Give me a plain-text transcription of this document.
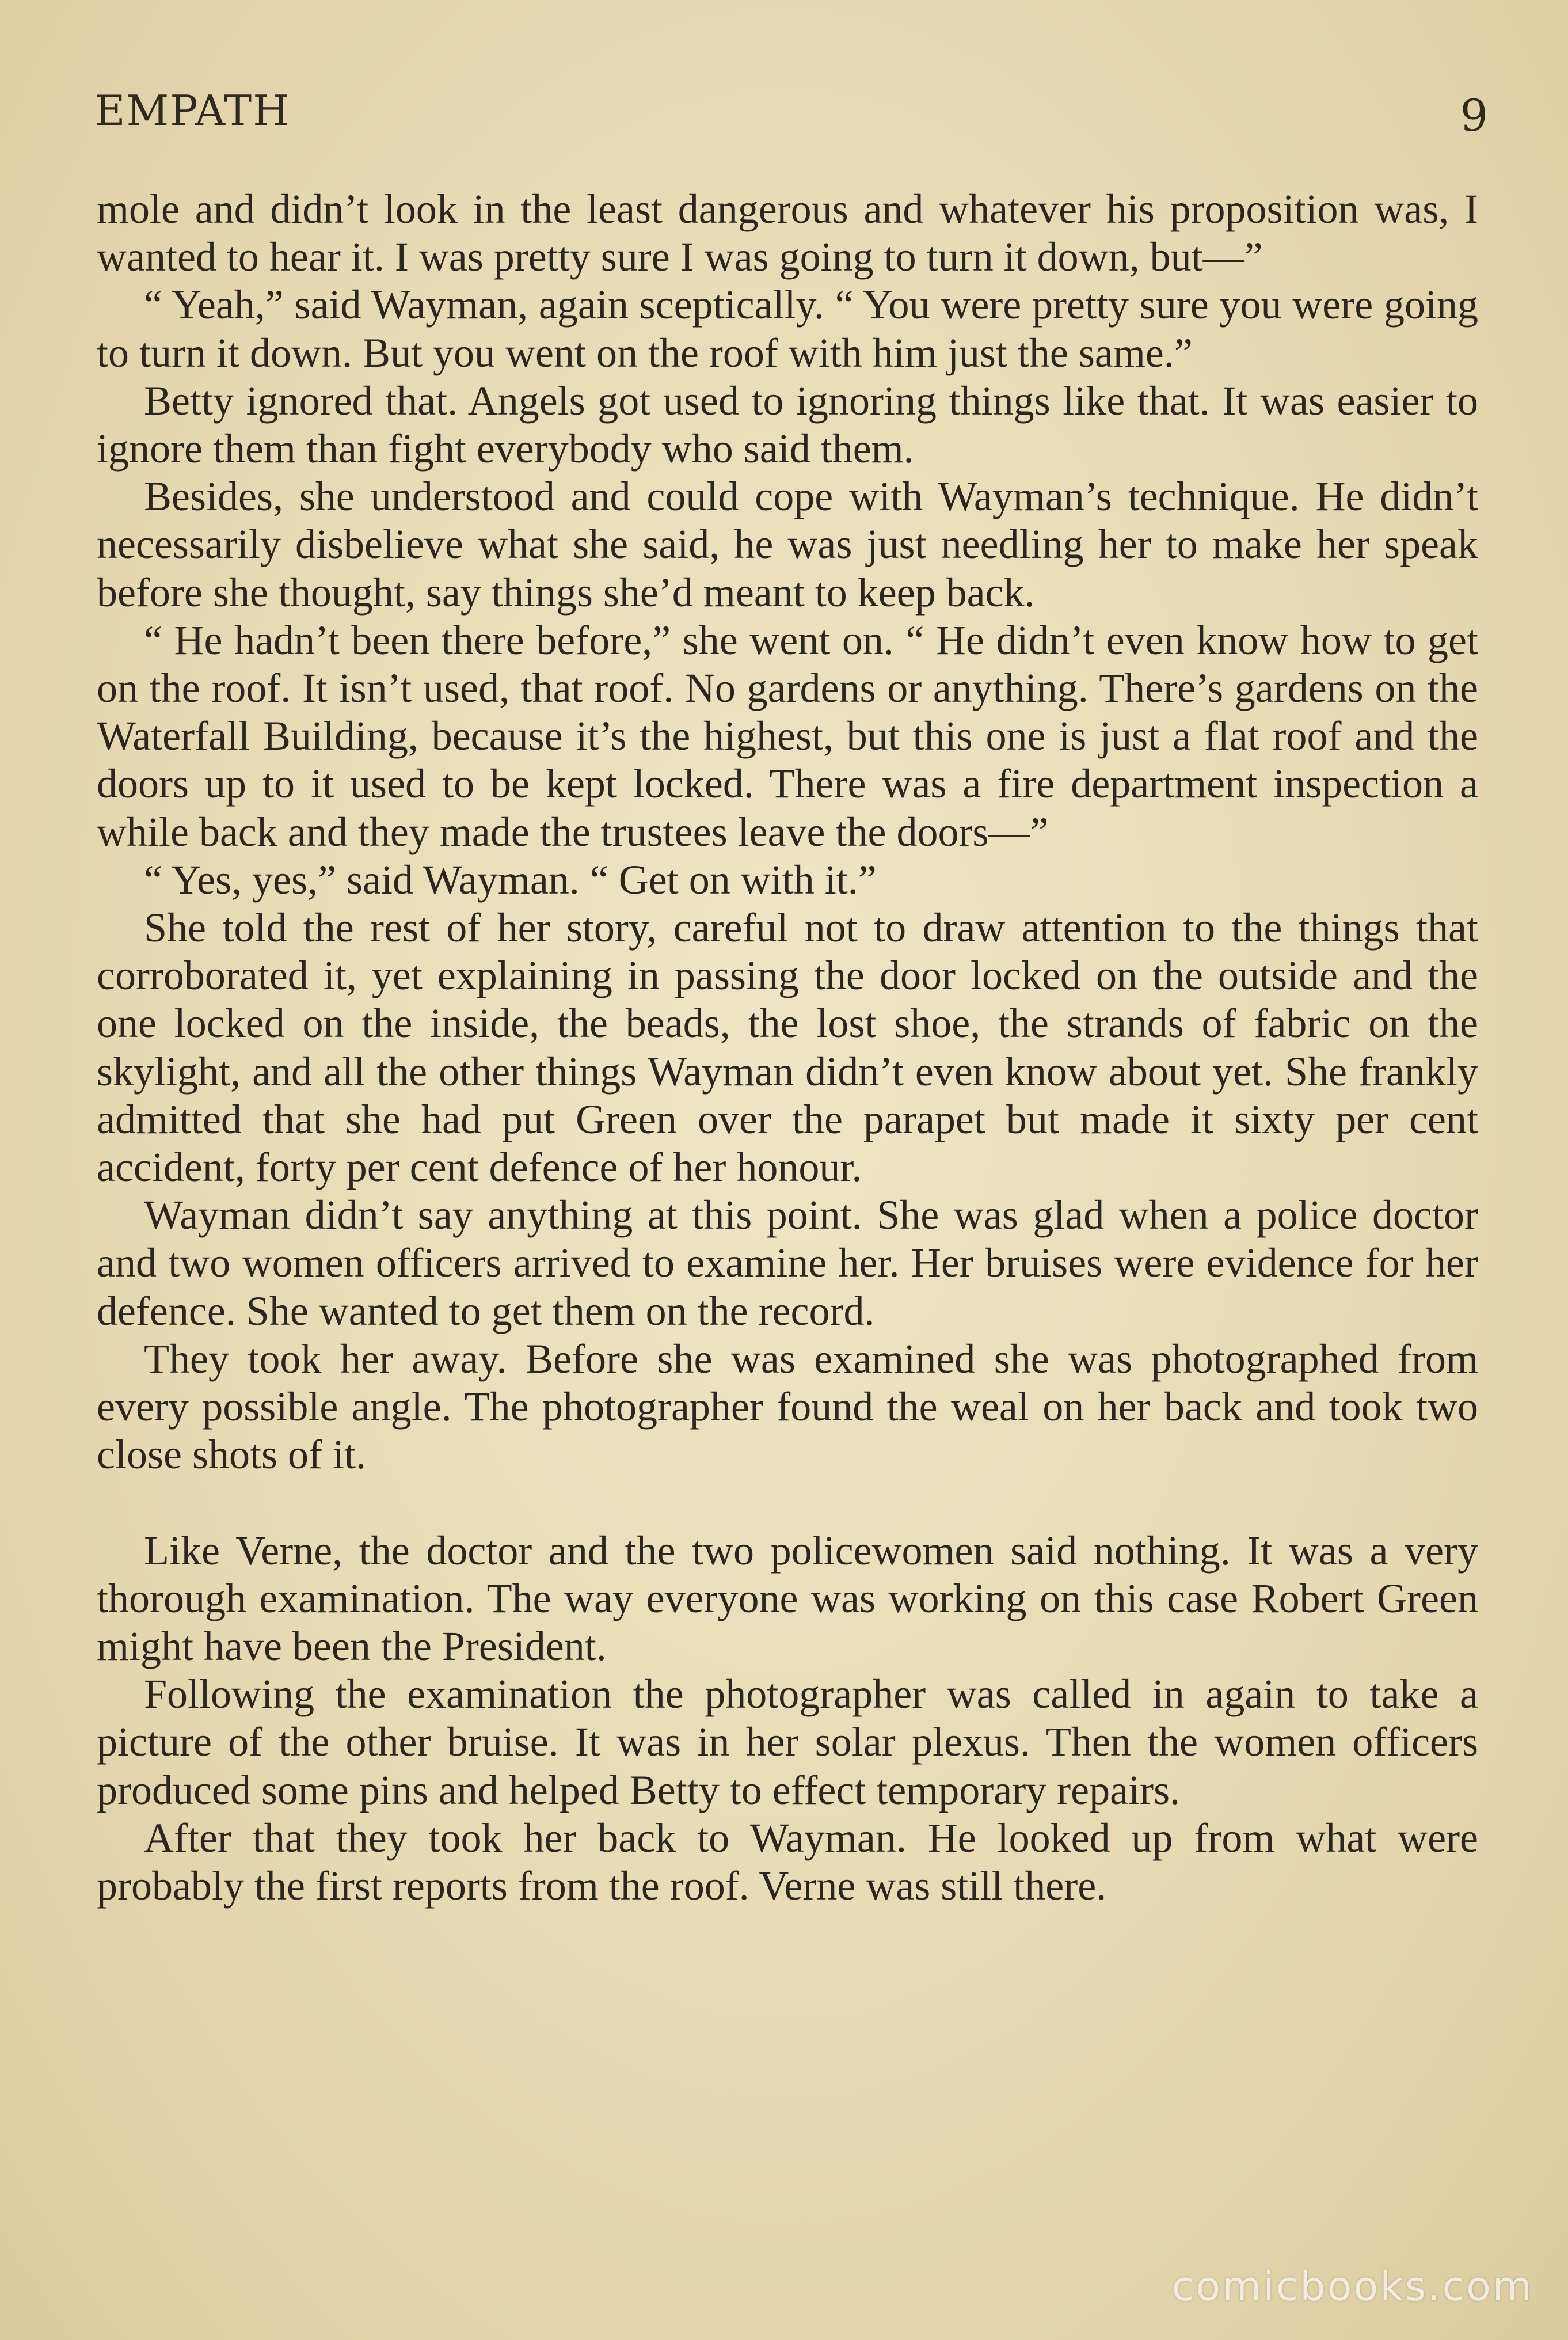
EMPATH	9

mole and didn’t look in the least dangerous and whatever his proposition was, I wanted to hear it. I was pretty sure I was going to turn it down, but—”

“ Yeah,” said Wayman, again sceptically. “ You were pretty sure you were going to turn it down. But you went on the roof with him just the same.”

Betty ignored that. Angels got used to ignoring things like that. It was easier to ignore them than fight everybody who said them.

Besides, she understood and could cope with Wayman’s technique. He didn’t necessarily disbelieve what she said, he was just needling her to make her speak before she thought, say things she’d meant to keep back.

“ He hadn’t been there before,” she went on. “ He didn’t even know how to get on the roof. It isn’t used, that roof. No gardens or anything. There’s gardens on the Waterfall Building, because it’s the highest, but this one is just a flat roof and the doors up to it used to be kept locked. There was a fire department inspection a while back and they made the trustees leave the doors—”

“ Yes, yes,” said Wayman. “ Get on with it.”

She told the rest of her story, careful not to draw attention to the things that corroborated it, yet explaining in passing the door locked on the outside and the one locked on the inside, the beads, the lost shoe, the strands of fabric on the skylight, and all the other things Wayman didn’t even know about yet. She frankly admitted that she had put Green over the parapet but made it sixty per cent accident, forty per cent defence of her honour.

Wayman didn’t say anything at this point. She was glad when a police doctor and two women officers arrived to examine her. Her bruises were evidence for her defence. She wanted to get them on the record.

They took her away. Before she was examined she was photographed from every possible angle. The photographer found the weal on her back and took two close shots of it.

Like Verne, the doctor and the two policewomen said nothing. It was a very thorough examination. The way everyone was working on this case Robert Green might have been the President.

Following the examination the photographer was called in again to take a picture of the other bruise. It was in her solar plexus. Then the women officers produced some pins and helped Betty to effect temporary repairs.

After that they took her back to Wayman. He looked up from what were probably the first reports from the roof. Verne was still there.

comicbooks.com
